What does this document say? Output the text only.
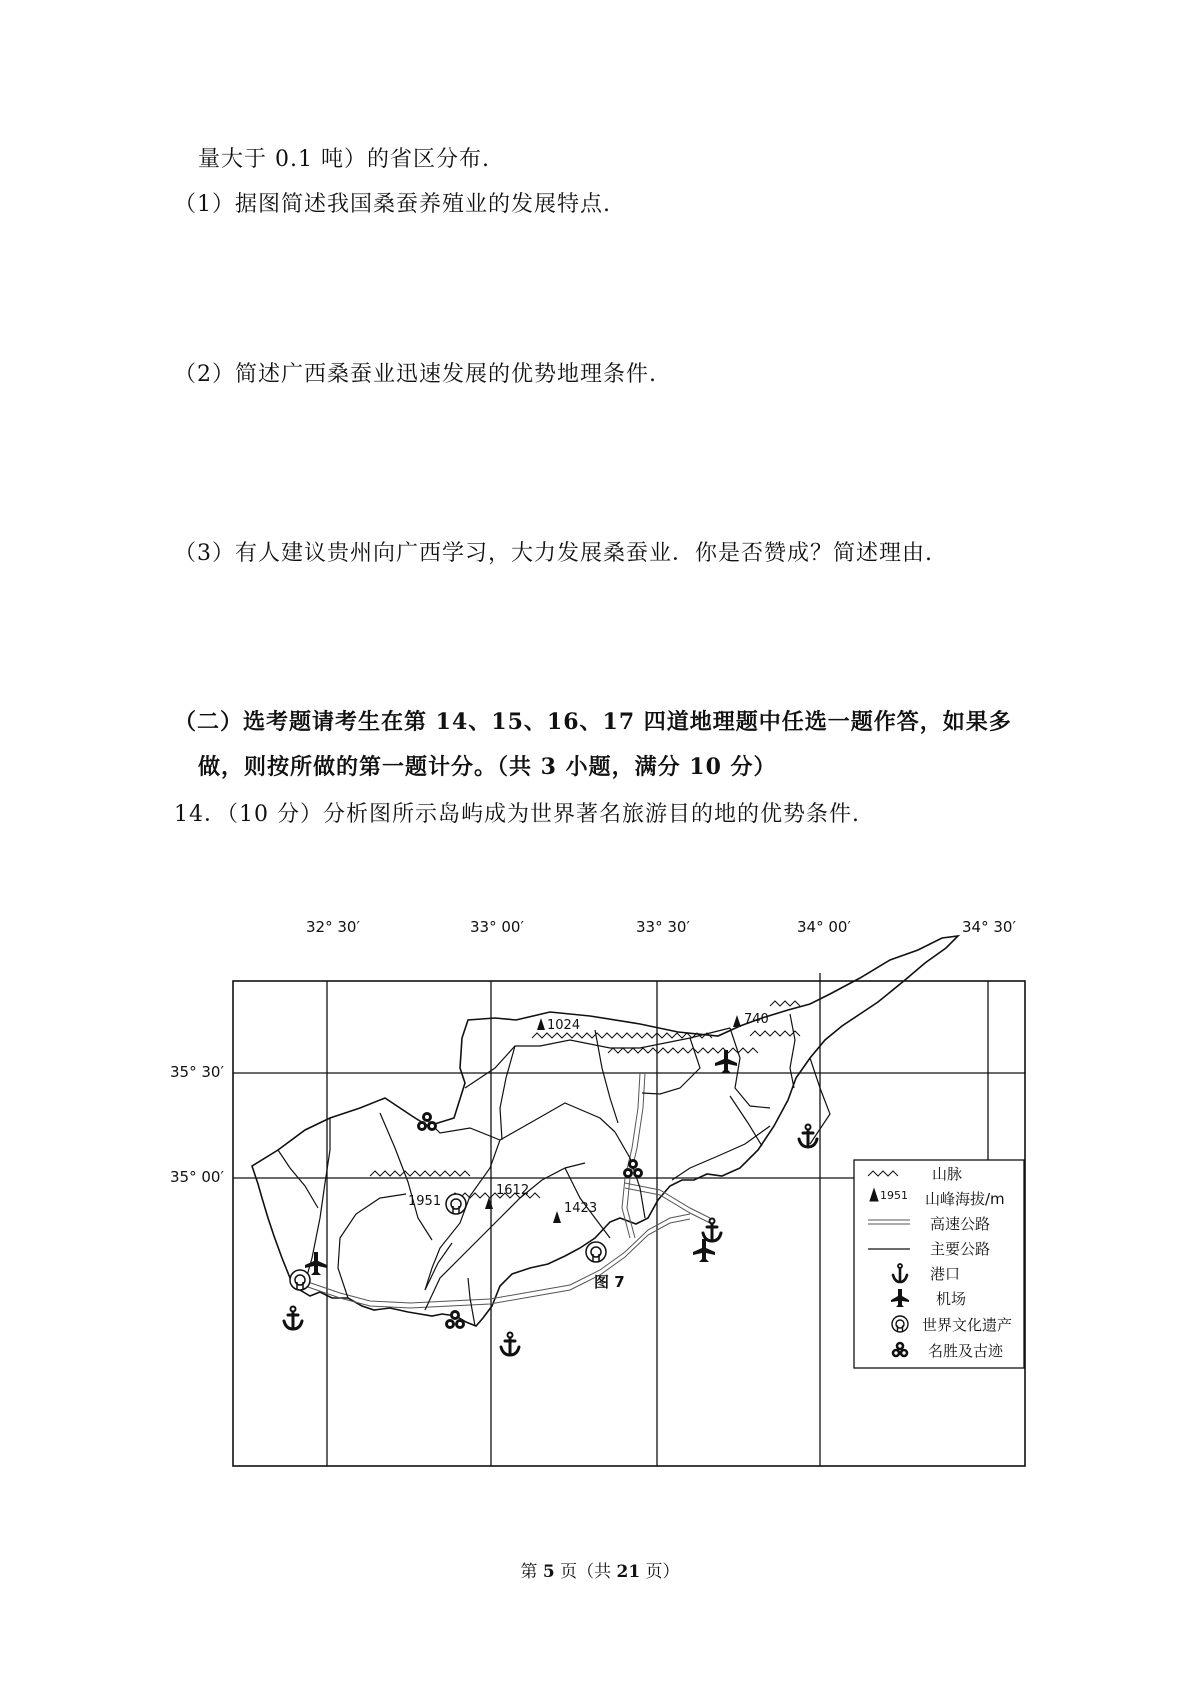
量大于 0.1 吨）的省区分布.
（1）据图简述我国桑蚕养殖业的发展特点.
（2）简述广西桑蚕业迅速发展的优势地理条件.
（3）有人建议贵州向广西学习，大力发展桑蚕业．你是否赞成？简述理由.
（二）选考题请考生在第 14、15、16、17 四道地理题中任选一题作答，如果多
做，则按所做的第一题计分。（共 3 小题，满分 10 分）
14．（10 分）分析图所示岛屿成为世界著名旅游目的地的优势条件.
32° 30′	33° 00′	33° 30′	34° 00′	34° 30′
35° 30′
35° 00′
1024	740
1951
1612
1423
图 7
山脉
1951 山峰海拔/m
高速公路
主要公路
港口
机场
世界文化遗产
名胜及古迹
第 5 页（共 21 页）
